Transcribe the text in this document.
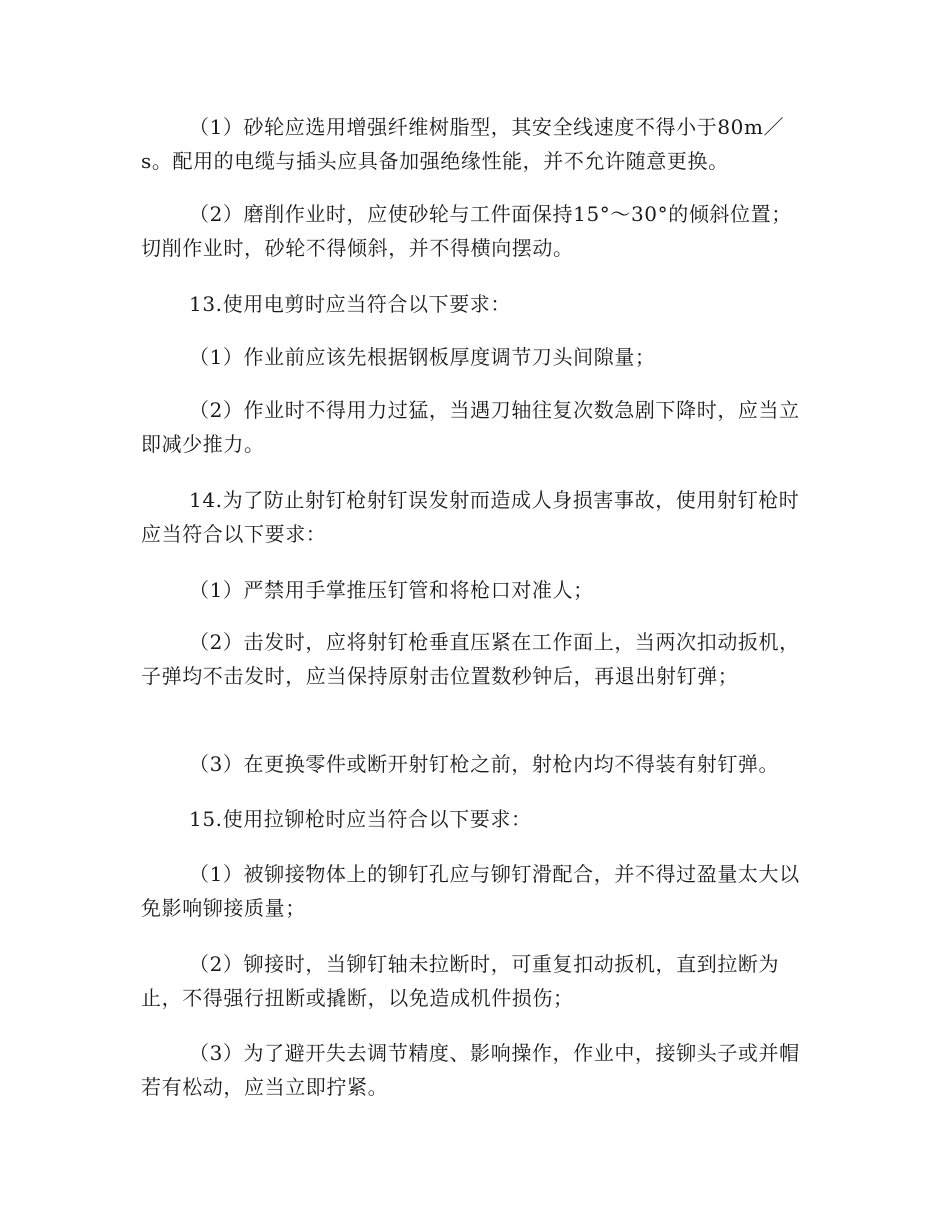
（1）砂轮应选用增强纤维树脂型，其安全线速度不得小于80m／s。配用的电缆与插头应具备加强绝缘性能，并不允许随意更换。

（2）磨削作业时，应使砂轮与工件面保持15°～30°的倾斜位置；切削作业时，砂轮不得倾斜，并不得横向摆动。

13.使用电剪时应当符合以下要求：

（1）作业前应该先根据钢板厚度调节刀头间隙量；

（2）作业时不得用力过猛，当遇刀轴往复次数急剧下降时，应当立即减少推力。

14.为了防止射钉枪射钉误发射而造成人身损害事故，使用射钉枪时应当符合以下要求：

（1）严禁用手掌推压钉管和将枪口对准人；

（2）击发时，应将射钉枪垂直压紧在工作面上，当两次扣动扳机，子弹均不击发时，应当保持原射击位置数秒钟后，再退出射钉弹；

（3）在更换零件或断开射钉枪之前，射枪内均不得装有射钉弹。

15.使用拉铆枪时应当符合以下要求：

（1）被铆接物体上的铆钉孔应与铆钉滑配合，并不得过盈量太大以免影响铆接质量；

（2）铆接时，当铆钉轴未拉断时，可重复扣动扳机，直到拉断为止，不得强行扭断或撬断，以免造成机件损伤；

（3）为了避开失去调节精度、影响操作，作业中，接铆头子或并帽若有松动，应当立即拧紧。
